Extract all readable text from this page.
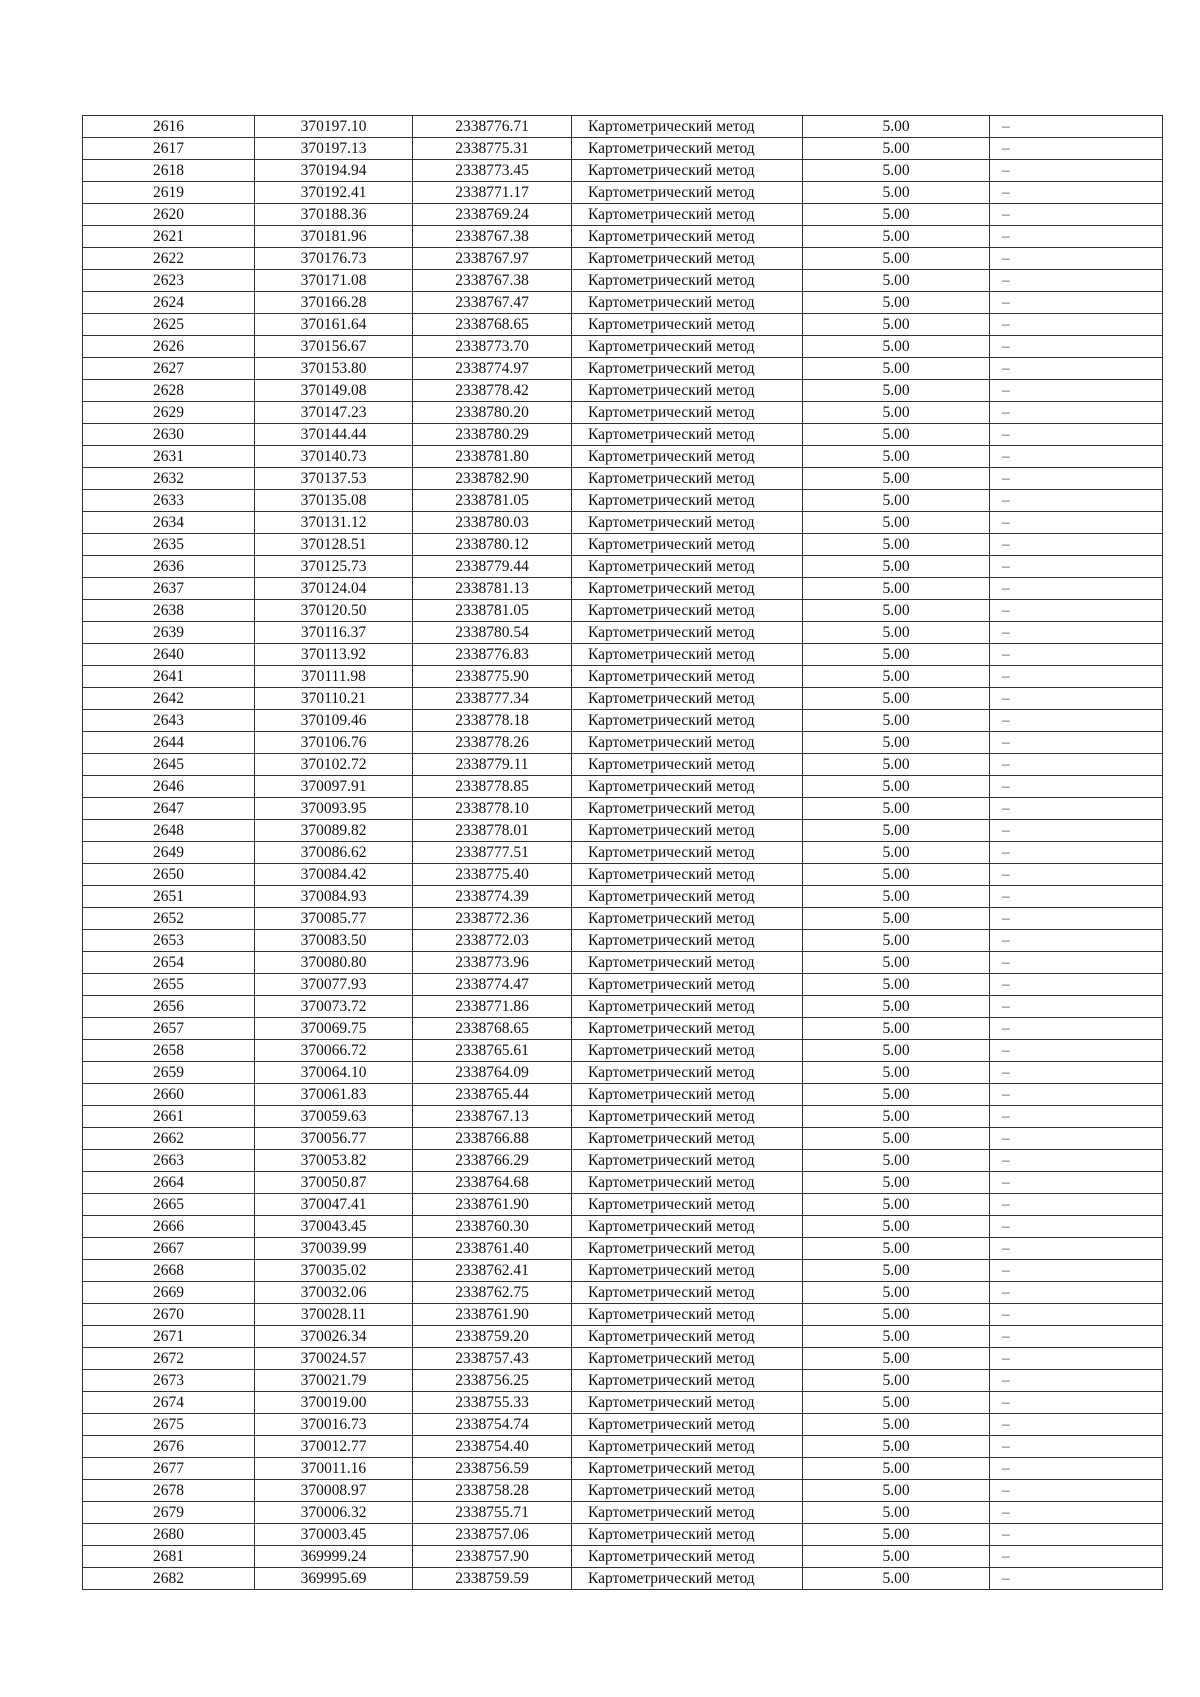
2616	370197.10	2338776.71	Картометрический метод	5.00	–
2617	370197.13	2338775.31	Картометрический метод	5.00	–
2618	370194.94	2338773.45	Картометрический метод	5.00	–
2619	370192.41	2338771.17	Картометрический метод	5.00	–
2620	370188.36	2338769.24	Картометрический метод	5.00	–
2621	370181.96	2338767.38	Картометрический метод	5.00	–
2622	370176.73	2338767.97	Картометрический метод	5.00	–
2623	370171.08	2338767.38	Картометрический метод	5.00	–
2624	370166.28	2338767.47	Картометрический метод	5.00	–
2625	370161.64	2338768.65	Картометрический метод	5.00	–
2626	370156.67	2338773.70	Картометрический метод	5.00	–
2627	370153.80	2338774.97	Картометрический метод	5.00	–
2628	370149.08	2338778.42	Картометрический метод	5.00	–
2629	370147.23	2338780.20	Картометрический метод	5.00	–
2630	370144.44	2338780.29	Картометрический метод	5.00	–
2631	370140.73	2338781.80	Картометрический метод	5.00	–
2632	370137.53	2338782.90	Картометрический метод	5.00	–
2633	370135.08	2338781.05	Картометрический метод	5.00	–
2634	370131.12	2338780.03	Картометрический метод	5.00	–
2635	370128.51	2338780.12	Картометрический метод	5.00	–
2636	370125.73	2338779.44	Картометрический метод	5.00	–
2637	370124.04	2338781.13	Картометрический метод	5.00	–
2638	370120.50	2338781.05	Картометрический метод	5.00	–
2639	370116.37	2338780.54	Картометрический метод	5.00	–
2640	370113.92	2338776.83	Картометрический метод	5.00	–
2641	370111.98	2338775.90	Картометрический метод	5.00	–
2642	370110.21	2338777.34	Картометрический метод	5.00	–
2643	370109.46	2338778.18	Картометрический метод	5.00	–
2644	370106.76	2338778.26	Картометрический метод	5.00	–
2645	370102.72	2338779.11	Картометрический метод	5.00	–
2646	370097.91	2338778.85	Картометрический метод	5.00	–
2647	370093.95	2338778.10	Картометрический метод	5.00	–
2648	370089.82	2338778.01	Картометрический метод	5.00	–
2649	370086.62	2338777.51	Картометрический метод	5.00	–
2650	370084.42	2338775.40	Картометрический метод	5.00	–
2651	370084.93	2338774.39	Картометрический метод	5.00	–
2652	370085.77	2338772.36	Картометрический метод	5.00	–
2653	370083.50	2338772.03	Картометрический метод	5.00	–
2654	370080.80	2338773.96	Картометрический метод	5.00	–
2655	370077.93	2338774.47	Картометрический метод	5.00	–
2656	370073.72	2338771.86	Картометрический метод	5.00	–
2657	370069.75	2338768.65	Картометрический метод	5.00	–
2658	370066.72	2338765.61	Картометрический метод	5.00	–
2659	370064.10	2338764.09	Картометрический метод	5.00	–
2660	370061.83	2338765.44	Картометрический метод	5.00	–
2661	370059.63	2338767.13	Картометрический метод	5.00	–
2662	370056.77	2338766.88	Картометрический метод	5.00	–
2663	370053.82	2338766.29	Картометрический метод	5.00	–
2664	370050.87	2338764.68	Картометрический метод	5.00	–
2665	370047.41	2338761.90	Картометрический метод	5.00	–
2666	370043.45	2338760.30	Картометрический метод	5.00	–
2667	370039.99	2338761.40	Картометрический метод	5.00	–
2668	370035.02	2338762.41	Картометрический метод	5.00	–
2669	370032.06	2338762.75	Картометрический метод	5.00	–
2670	370028.11	2338761.90	Картометрический метод	5.00	–
2671	370026.34	2338759.20	Картометрический метод	5.00	–
2672	370024.57	2338757.43	Картометрический метод	5.00	–
2673	370021.79	2338756.25	Картометрический метод	5.00	–
2674	370019.00	2338755.33	Картометрический метод	5.00	–
2675	370016.73	2338754.74	Картометрический метод	5.00	–
2676	370012.77	2338754.40	Картометрический метод	5.00	–
2677	370011.16	2338756.59	Картометрический метод	5.00	–
2678	370008.97	2338758.28	Картометрический метод	5.00	–
2679	370006.32	2338755.71	Картометрический метод	5.00	–
2680	370003.45	2338757.06	Картометрический метод	5.00	–
2681	369999.24	2338757.90	Картометрический метод	5.00	–
2682	369995.69	2338759.59	Картометрический метод	5.00	–
